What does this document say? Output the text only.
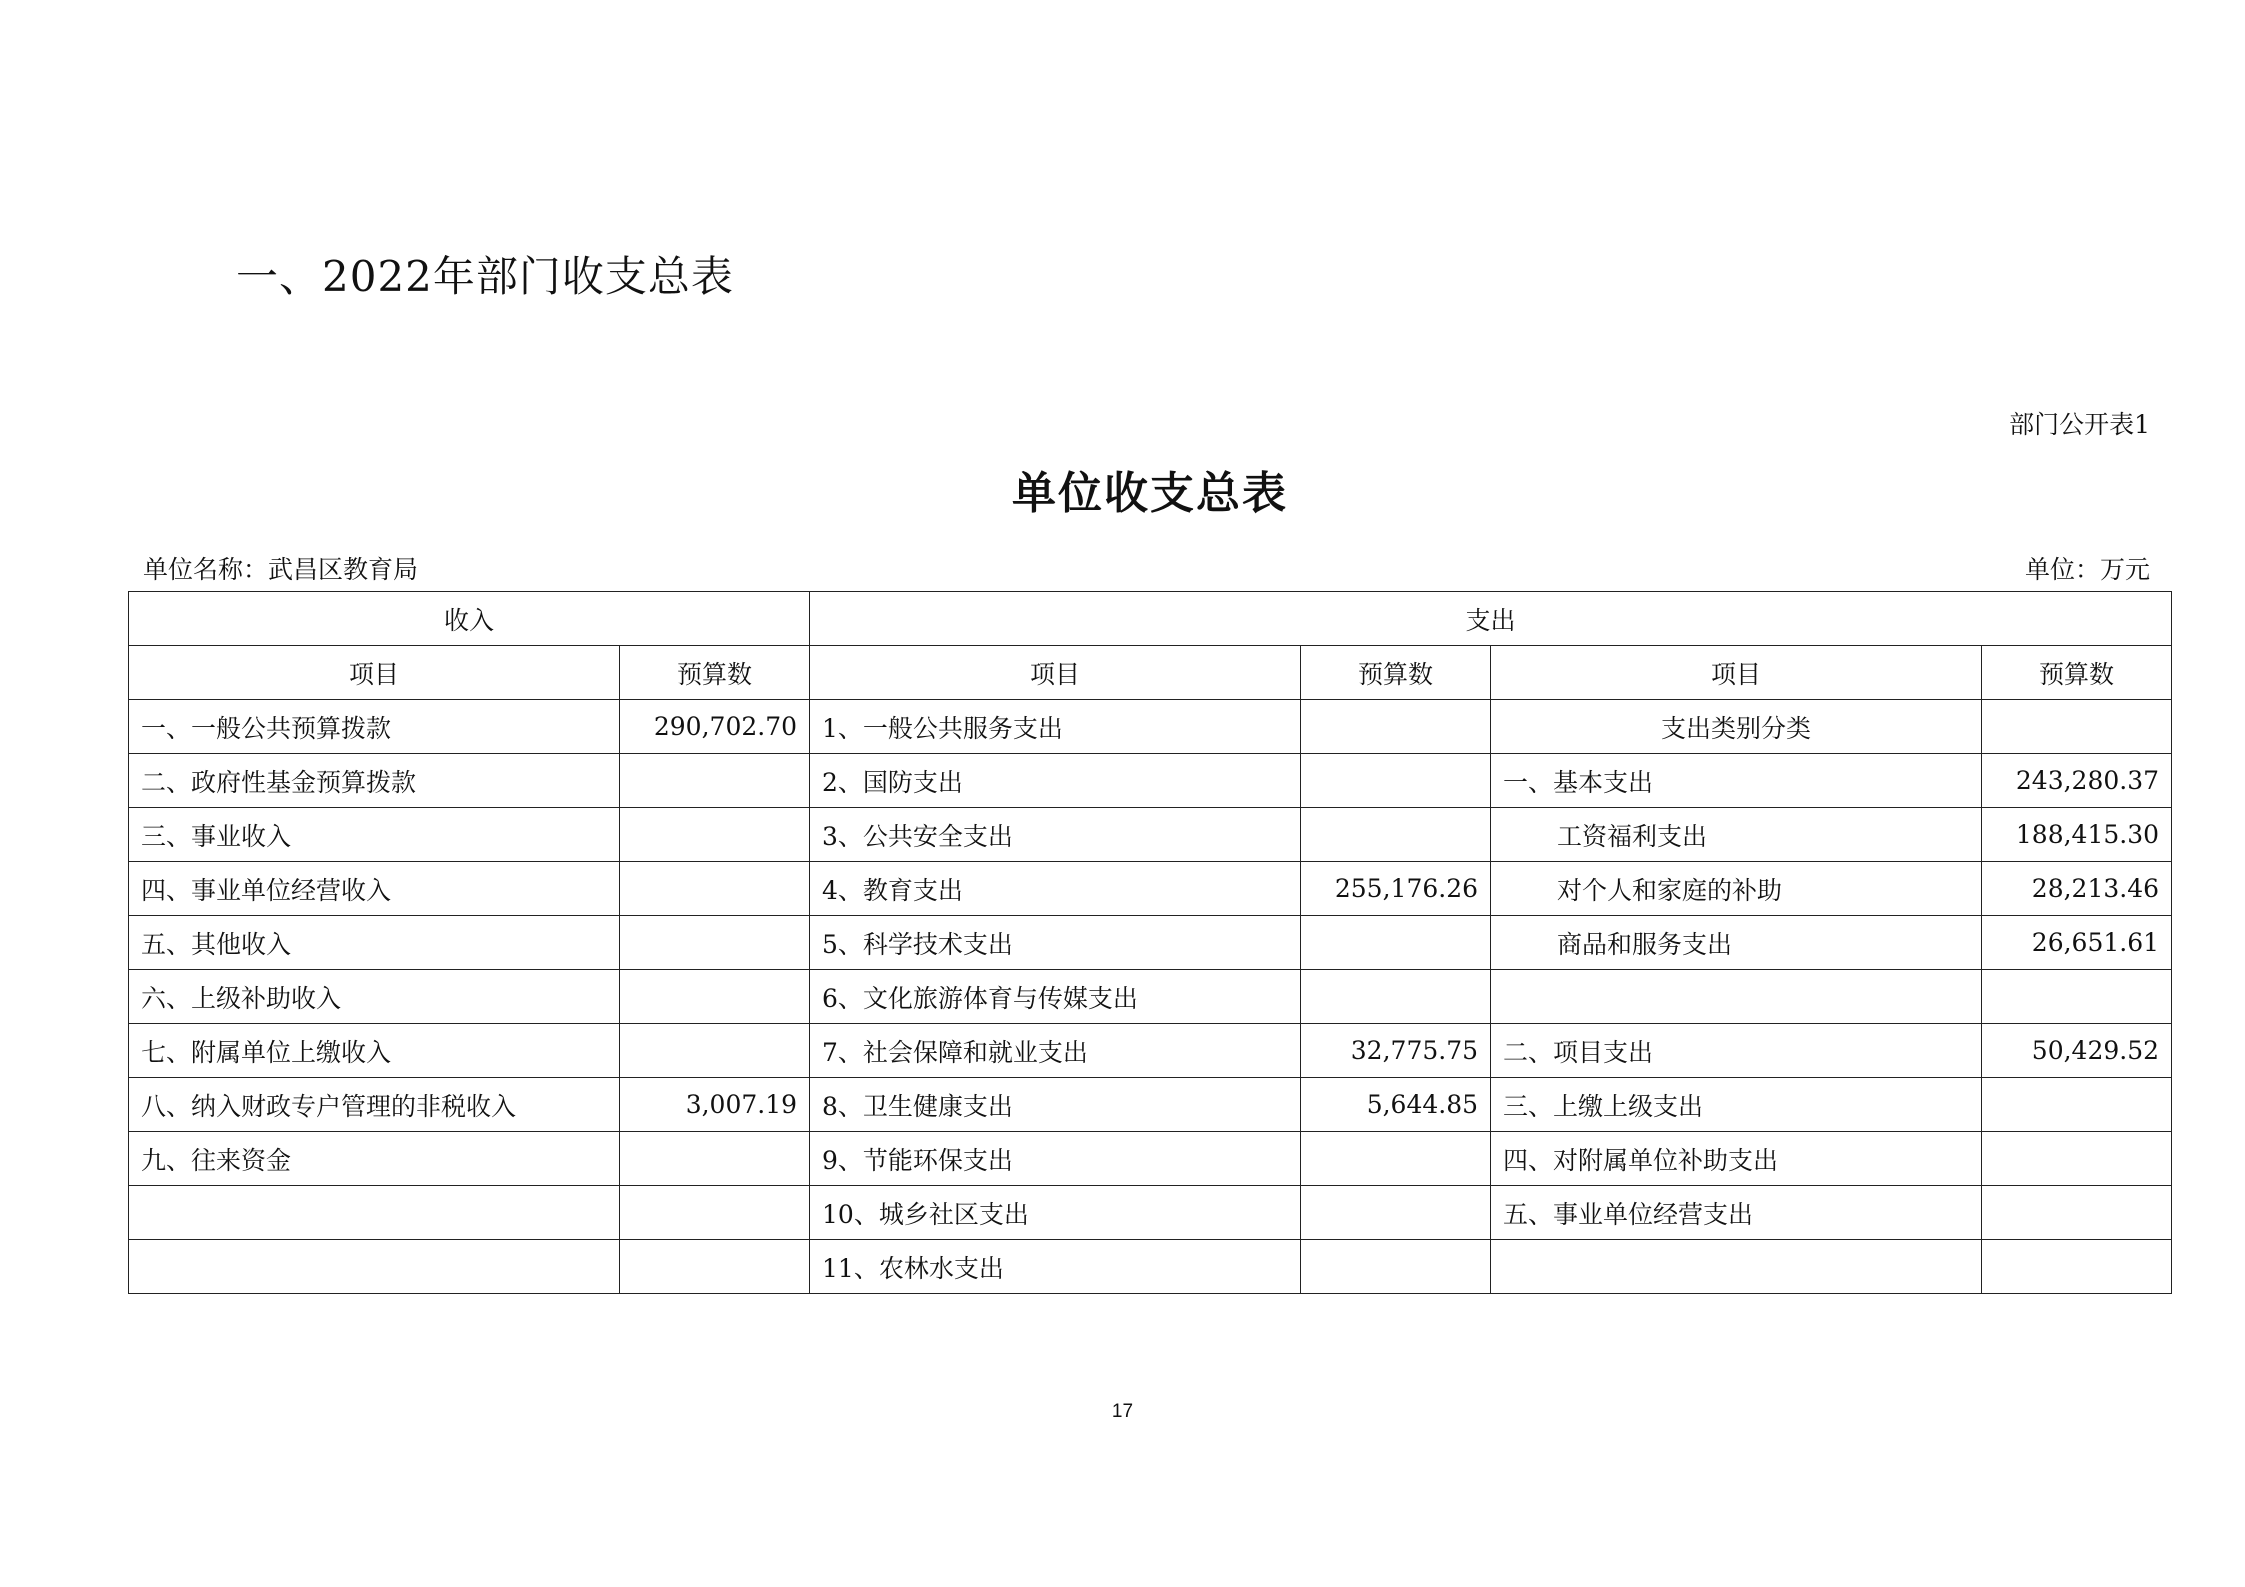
一、2022年部门收支总表
部门公开表1
单位收支总表
单位名称：武昌区教育局	单位：万元
收入		支出			
项目	预算数	项目	预算数	项目	预算数
一、一般公共预算拨款	290,702.70	1、一般公共服务支出		支出类别分类	
二、政府性基金预算拨款		2、国防支出		一、基本支出	243,280.37
三、事业收入		3、公共安全支出		工资福利支出	188,415.30
四、事业单位经营收入		4、教育支出	255,176.26	对个人和家庭的补助	28,213.46
五、其他收入		5、科学技术支出		商品和服务支出	26,651.61
六、上级补助收入		6、文化旅游体育与传媒支出			
七、附属单位上缴收入		7、社会保障和就业支出	32,775.75	二、项目支出	50,429.52
八、纳入财政专户管理的非税收入	3,007.19	8、卫生健康支出	5,644.85	三、上缴上级支出	
九、往来资金		9、节能环保支出		四、对附属单位补助支出	
		10、城乡社区支出		五、事业单位经营支出	
		11、农林水支出			
17
